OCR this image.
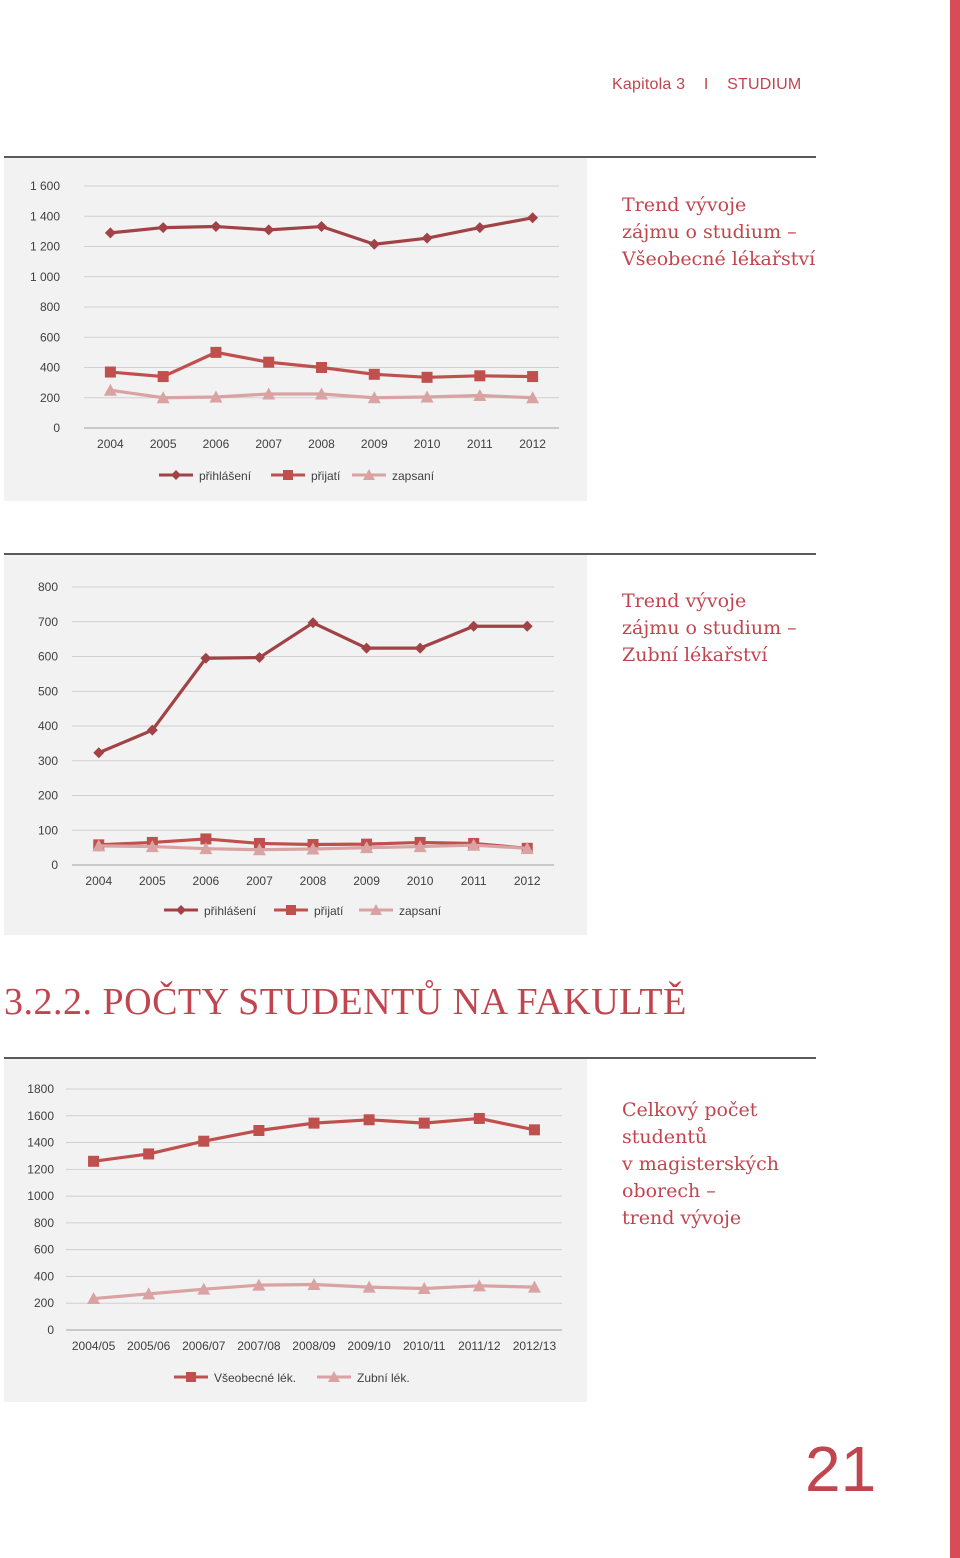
Kapitola 3 I STUDIUM
0
200
400
600
800
1 000
1 200
1 400
1 600
2004 2005 2006 2007 2008 2009 2010 2011 2012
přihlášení	přijatí	zapsaní
Trend vývoje
zájmu o studium –
Všeobecné lékařství
0
100
200
300
400
500
600
700
800
2004 2005 2006 2007 2008 2009 2010 2011 2012
přihlášení	přijatí	zapsaní
Trend vývoje
zájmu o studium –
Zubní lékařství
3.2.2. POČTY STUDENTŮ NA FAKULTĚ
0
200
400
600
800
1000
1200
1400
1600
1800
2004/05 2005/06 2006/07 2007/08 2008/09 2009/10 2010/11 2011/12 2012/13
Všeobecné lék.	Zubní lék.
Celkový počet
studentů
v magisterských
oborech –
trend vývoje
21
